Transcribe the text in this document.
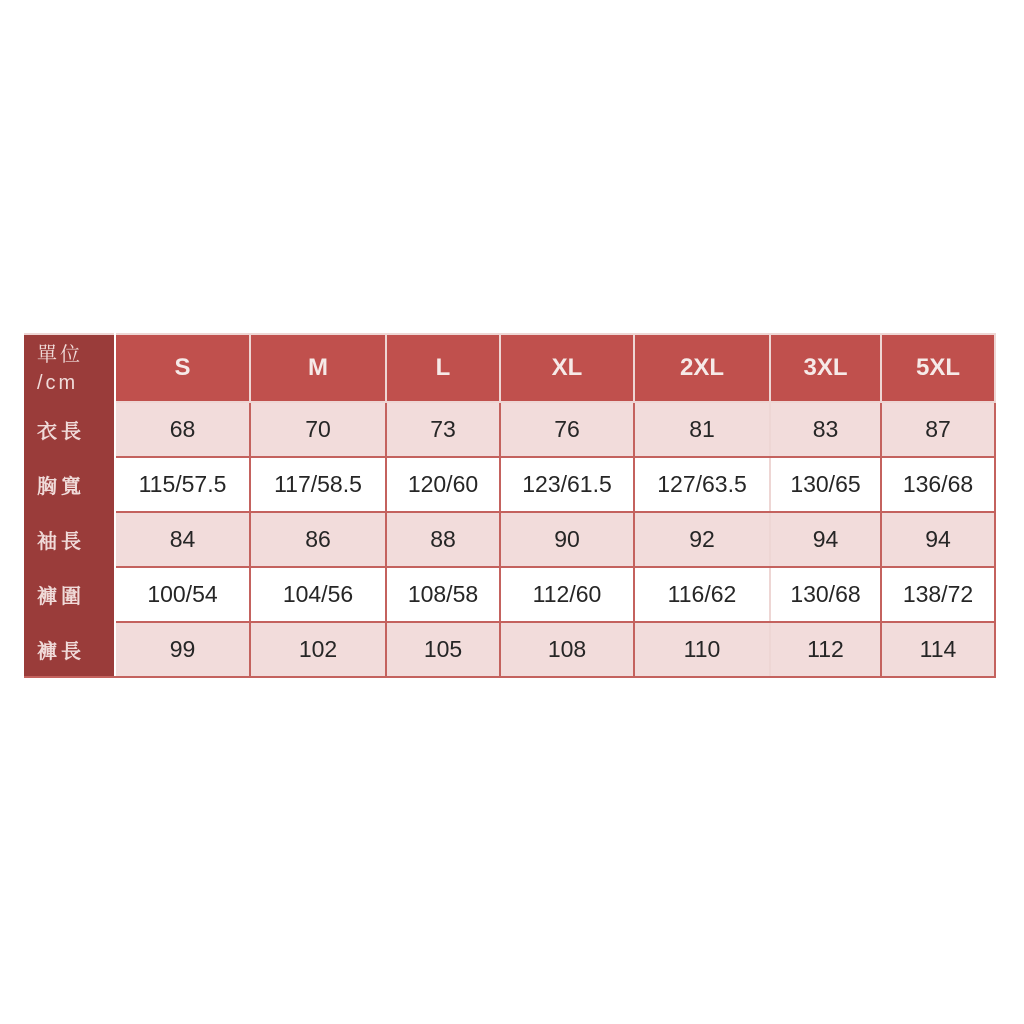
單位
/cm	S	M	L	XL	2XL	3XL	5XL
衣長	68	70	73	76	81	83	87
胸寬	115/57.5	117/58.5	120/60	123/61.5	127/63.5	130/65	136/68
袖長	84	86	88	90	92	94	94
褲圍	100/54	104/56	108/58	112/60	116/62	130/68	138/72
褲長	99	102	105	108	110	112	114
